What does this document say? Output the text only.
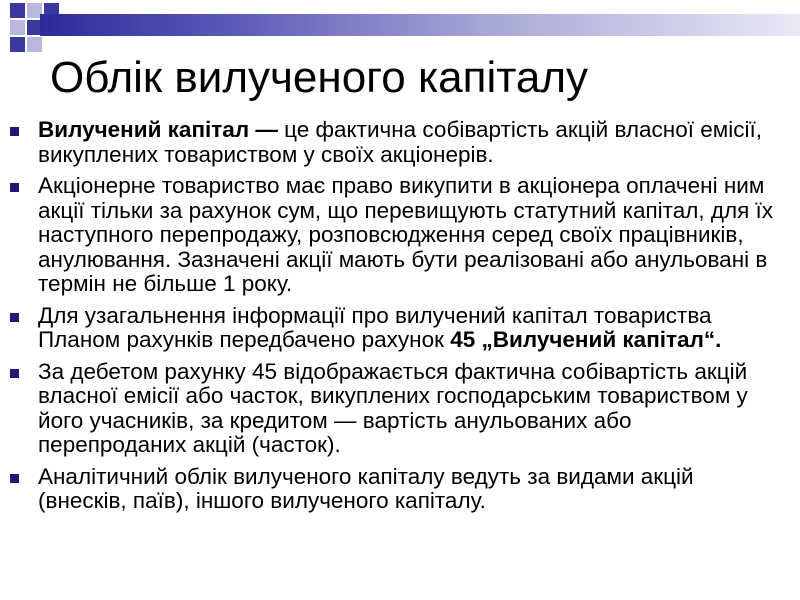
Облік вилученого капіталу
Вилучений капітал — це фактична собівартість акцій власної емісії, викуплених товариством у своїх акціонерів.
Акціонерне товариство має право викупити в акціонера оплачені ним акції тільки за рахунок сум, що перевищують статутний капітал, для їх наступного перепродажу, розповсюдження серед своїх працівників, анулювання. Зазначені акції мають бути реалізовані або анульовані в термін не більше 1 року.
Для узагальнення інформації про вилучений капітал товариства Планом рахунків передбачено рахунок 45 „Вилучений капітал“.
За дебетом рахунку 45 відображається фактична собівартість акцій власної емісії або часток, викуплених господарським товариством у його учасників, за кредитом — вартість анульованих або перепроданих акцій (часток).
Аналітичний облік вилученого капіталу ведуть за видами акцій (внесків, паїв), іншого вилученого капіталу.
